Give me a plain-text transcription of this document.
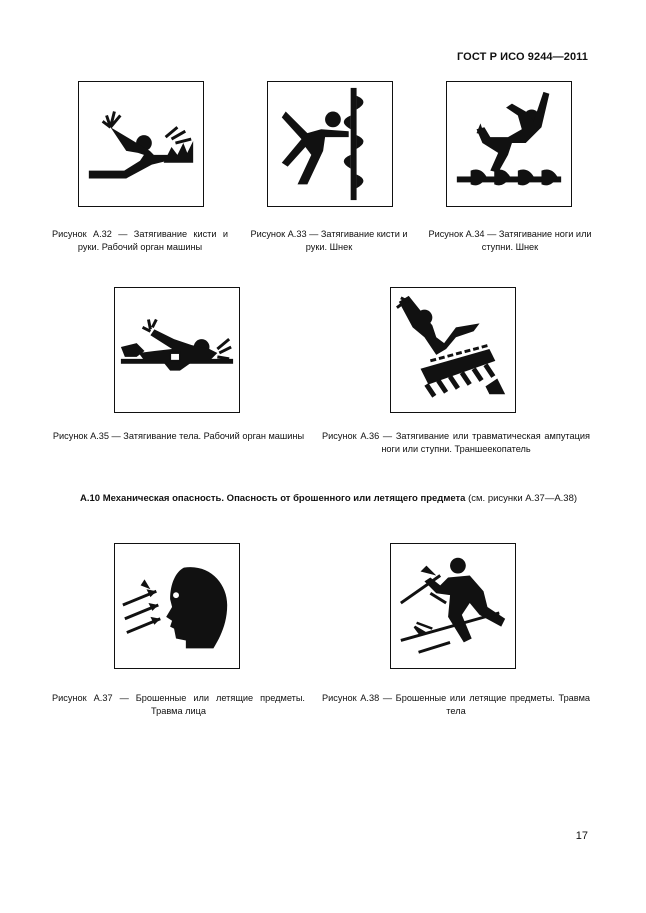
ГОСТ Р ИСО 9244—2011
Рисунок А.32 — Затягивание кисти и руки. Рабочий орган машины
Рисунок А.33 — Затягивание кисти и руки. Шнек
Рисунок А.34 — Затягивание ноги или ступни. Шнек
Рисунок А.35 — Затягивание тела. Рабочий орган машины Рисунок А.36 — Затягивание или травматическая ампутация ноги или ступни. Траншеекопатель
А.10 Механическая опасность. Опасность от брошенного или летящего предмета (см. рисунки А.37—А.38)
Рисунок А.37 — Брошенные или летящие предметы. Травма лица
Рисунок А.38 — Брошенные или летящие предметы. Травма тела
17
